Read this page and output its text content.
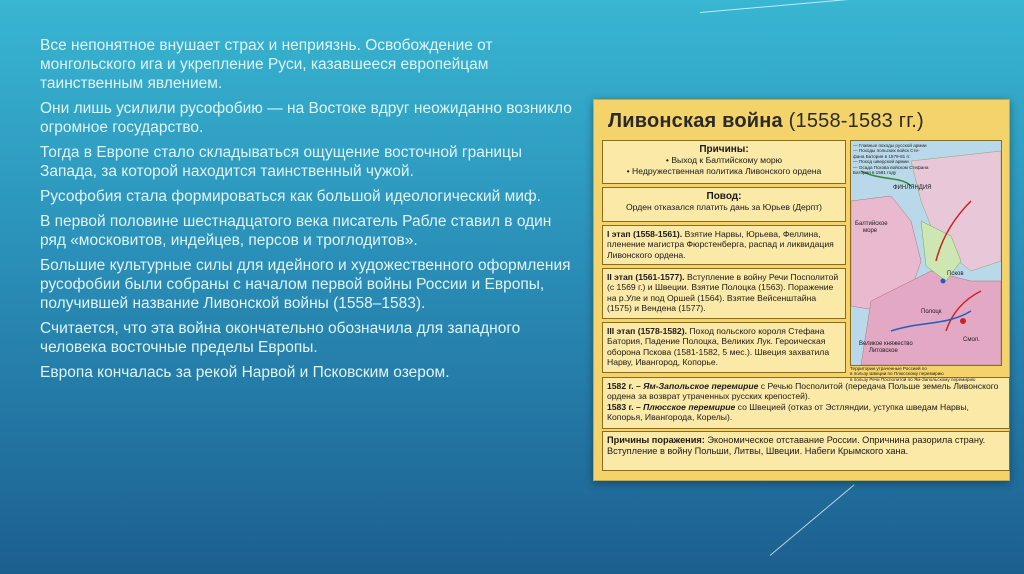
Все непонятное внушает страх и неприязнь. Освобождение от монгольского ига и укрепление Руси, казавшееся европейцам таинственным явлением.

Они лишь усилили русофобию — на Востоке вдруг неожиданно возникло огромное государство.

Тогда в Европе стало складываться ощущение восточной границы Запада, за которой находится таинственный чужой.

Русофобия стала формироваться как большой идеологический миф.

В первой половине шестнадцатого века писатель Рабле ставил в один ряд «московитов, индейцев, персов и троглодитов».

Большие культурные силы для идейного и художественного оформления русофобии были собраны с началом первой войны России и Европы, получившей название Ливонской войны (1558–1583).

Считается, что эта война окончательно обозначила для западного человека восточные пределы Европы.

Европа кончалась за рекой Нарвой и Псковским озером.

Ливонская война (1558-1583 гг.)
Причины:
• Выход к Балтийскому морю
• Недружественная политика Ливонского ордена
Повод:
Орден отказался платить дань за Юрьев (Дерпт)
I этап (1558-1561). Взятие Нарвы, Юрьева, Феллина, пленение магистра Фюрстенберга, распад и ликвидация Ливонского ордена.
II этап (1561-1577). Вступление в войну Речи Посполитой (с 1569 г.) и Швеции. Взятие Полоцка (1563). Поражение на р.Уле и под Оршей (1564). Взятие Вейсенштайна (1575) и Вендена (1577).
III этап (1578-1582). Поход польского короля Стефана Батория, Падение Полоцка, Великих Лук. Героическая оборона Пскова (1581-1582, 5 мес.). Швеция захватила Нарву, Ивангород, Копорье.
1582 г. – Ям-Запольское перемирие с Речью Посполитой (передача Польше земель Ливонского ордена за возврат утраченных русских крепостей).
1583 г. – Плюсское перемирие со Швецией (отказ от Эстляндии, уступка шведам Нарвы, Копорья, Ивангорода, Корелы).
Причины поражения: Экономическое отставание России. Опричнина разорила страну. Вступление в войну Польши, Литвы, Швеции. Набеги Крымского хана.
— Главные походы русской армии
— Походы польских войск Сте-
фана Батория в 1579-81 гг.
— Поход шведской армии
— Осада Пскова войском Стефана
Батория в 1581 году
ФИНЛЯНДИЯ
Балтийское
море
Псков
Полоцк
Смол.
Великое княжество
Литовское
Территории утраченные Россией по
в пользу Швеции по Плюсскому перемирию
в пользу Речи Посполитой по Ям-Запольскому перемирию
